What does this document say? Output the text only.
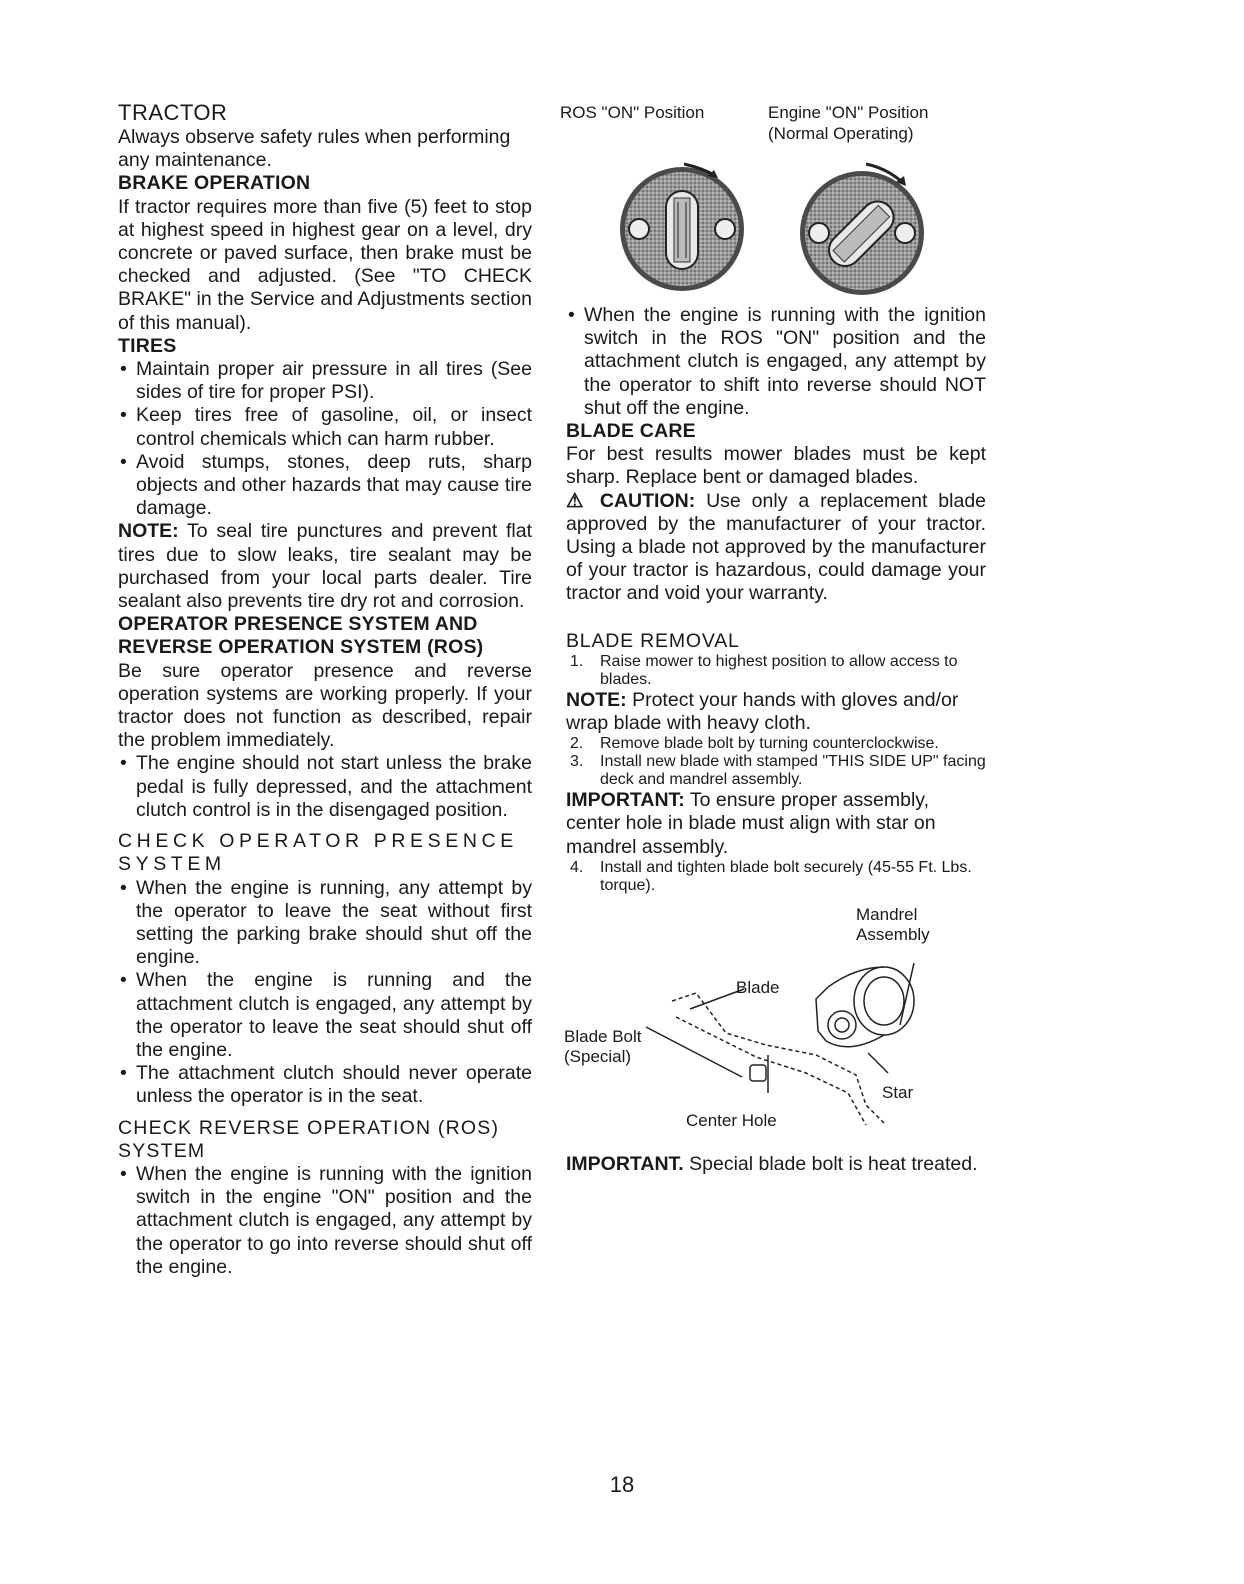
TRACTOR

Always observe safety rules when performing any maintenance.

BRAKE OPERATION

If tractor requires more than five (5) feet to stop at highest speed in highest gear on a level, dry concrete or paved surface, then brake must be checked and adjusted. (See "TO CHECK BRAKE" in the Service and Adjustments section of this manual).

TIRES
• Maintain proper air pressure in all tires (See sides of tire for proper PSI).
• Keep tires free of gasoline, oil, or insect control chemicals which can harm rubber.
• Avoid stumps, stones, deep ruts, sharp objects and other hazards that may cause tire damage.

NOTE: To seal tire punctures and prevent flat tires due to slow leaks, tire sealant may be purchased from your local parts dealer. Tire sealant also prevents tire dry rot and corrosion.

OPERATOR PRESENCE SYSTEM AND REVERSE OPERATION SYSTEM (ROS)

Be sure operator presence and reverse operation systems are working properly. If your tractor does not function as described, repair the problem immediately.

• The engine should not start unless the brake pedal is fully depressed, and the attachment clutch control is in the disengaged position.
CHECK OPERATOR PRESENCE SYSTEM
• When the engine is running, any attempt by the operator to leave the seat without first setting the parking brake should shut off the engine.
• When the engine is running and the attachment clutch is engaged, any attempt by the operator to leave the seat should shut off the engine.
• The attachment clutch should never operate unless the operator is in the seat.
CHECK REVERSE OPERATION (ROS) SYSTEM
• When the engine is running with the ignition switch in the engine "ON" position and the attachment clutch is engaged, any attempt by the operator to go into reverse should shut off the engine.
ROS "ON" Position	Engine "ON" Position
(Normal Operating)
• When the engine is running with the ignition switch in the ROS "ON" position and the attachment clutch is engaged, any attempt by the operator to shift into reverse should NOT shut off the engine.
BLADE CARE

For best results mower blades must be kept sharp. Replace bent or damaged blades.

⚠ CAUTION: Use only a replacement blade approved by the manufacturer of your tractor. Using a blade not approved by the manufacturer of your tractor is hazardous, could damage your tractor and void your warranty.

BLADE REMOVAL
1. Raise mower to highest position to allow access to blades.

NOTE: Protect your hands with gloves and/or wrap blade with heavy cloth.

2. Remove blade bolt by turning counterclockwise.
3. Install new blade with stamped "THIS SIDE UP" facing deck and mandrel assembly.

IMPORTANT: To ensure proper assembly, center hole in blade must align with star on mandrel assembly.

4. Install and tighten blade bolt securely (45-55 Ft. Lbs. torque).
Mandrel
Assembly
Blade
Blade Bolt
(Special)
Star
Center Hole

IMPORTANT. Special blade bolt is heat treated.

18
